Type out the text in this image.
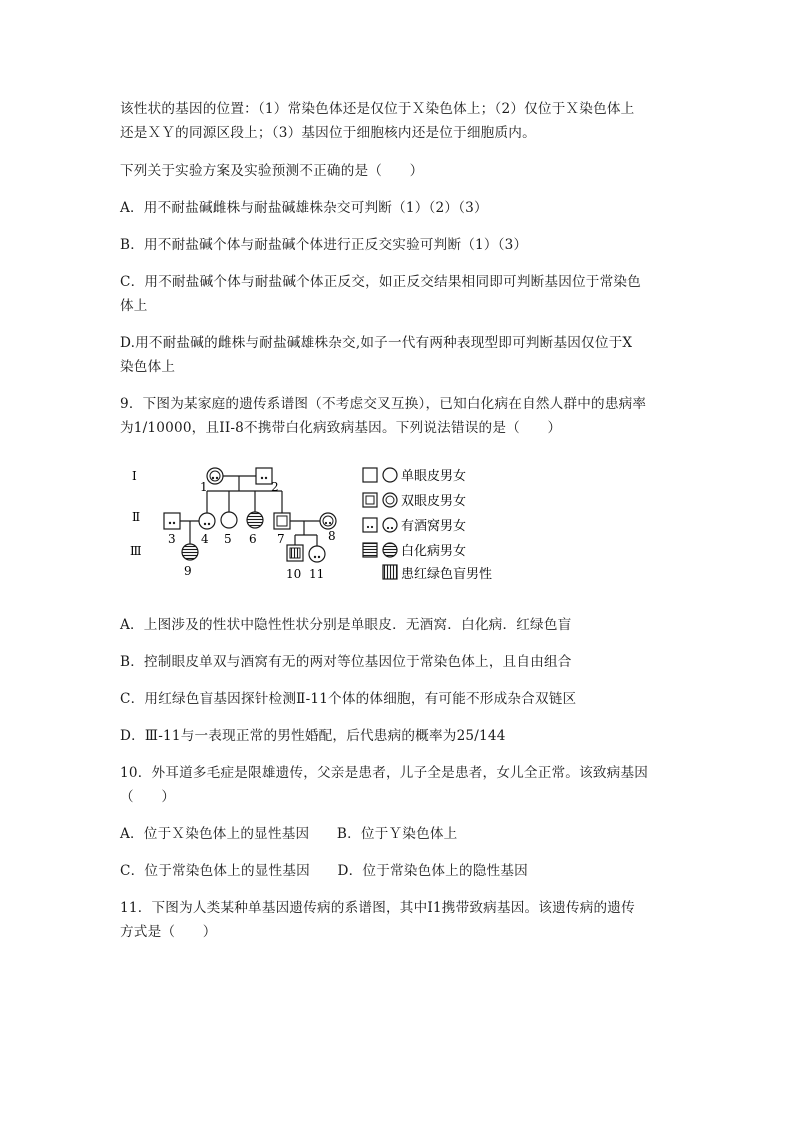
该性状的基因的位置：（1）常染色体还是仅位于Ｘ染色体上；（2）仅位于Ｘ染色体上
还是ＸＹ的同源区段上；（3）基因位于细胞核内还是位于细胞质内。
下列关于实验方案及实验预测不正确的是（　　）
A．用不耐盐碱雌株与耐盐碱雄株杂交可判断（1）（2）（3）
B．用不耐盐碱个体与耐盐碱个体进行正反交实验可判断（1）（3）
C．用不耐盐碱个体与耐盐碱个体正反交，如正反交结果相同即可判断基因位于常染色
体上
D.用不耐盐碱的雌株与耐盐碱雄株杂交,如子一代有两种表现型即可判断基因仅位于X
染色体上
9．下图为某家庭的遗传系谱图（不考虑交叉互换），已知白化病在自然人群中的患病率
为1/10000，且II-8不携带白化病致病基因。下列说法错误的是（　　）
Ⅰ
Ⅱ
Ⅲ
1	2
3 4 5 6 7	8
9	10 11
单眼皮男女
双眼皮男女
有酒窝男女
白化病男女
患红绿色盲男性
A．上图涉及的性状中隐性性状分别是单眼皮．无酒窝．白化病．红绿色盲
B．控制眼皮单双与酒窝有无的两对等位基因位于常染色体上，且自由组合
C．用红绿色盲基因探针检测Ⅱ-11个体的体细胞，有可能不形成杂合双链区
D．Ⅲ-11与一表现正常的男性婚配，后代患病的概率为25/144
10．外耳道多毛症是限雄遗传，父亲是患者，儿子全是患者，女儿全正常。该致病基因
（　　）
A．位于Ｘ染色体上的显性基因　　B．位于Ｙ染色体上
C．位于常染色体上的显性基因　　D．位于常染色体上的隐性基因
11．下图为人类某种单基因遗传病的系谱图，其中Ⅰ1携带致病基因。该遗传病的遗传
方式是（　　）
